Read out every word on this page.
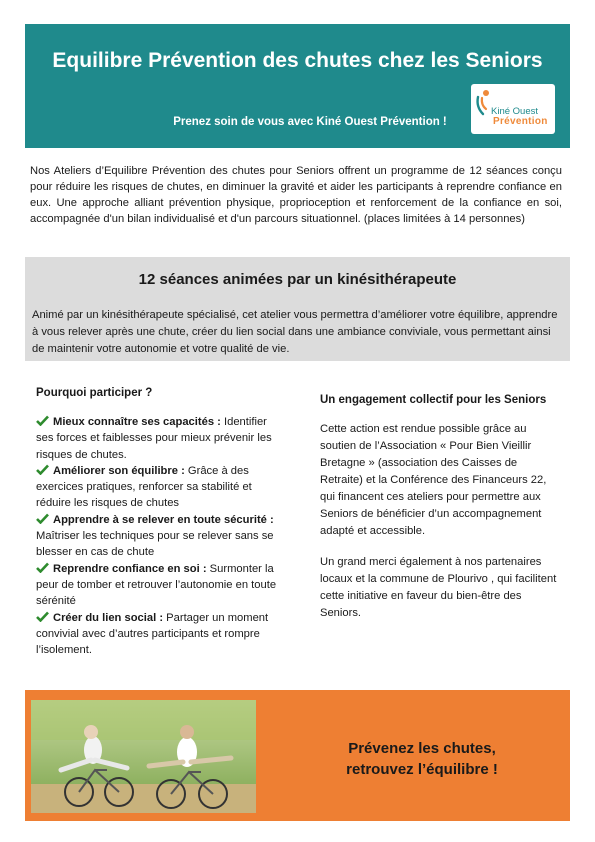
Equilibre Prévention des chutes chez les Seniors
Prenez soin de vous avec Kiné Ouest Prévention !
Kiné Ouest
Prévention
Nos Ateliers d’Equilibre Prévention des chutes pour Seniors offrent un programme de 12 séances conçu pour réduire les risques de chutes, en diminuer la gravité et aider les participants à reprendre confiance en eux. Une approche alliant prévention physique, proprioception et renforcement de la confiance en soi, accompagnée d'un bilan individualisé et d'un parcours situationnel. (places limitées à 14 personnes)
12 séances animées par un kinésithérapeute
Animé par un kinésithérapeute spécialisé, cet atelier vous permettra d’améliorer votre équilibre, apprendre à vous relever après une chute, créer du lien social dans une ambiance conviviale, vous permettant ainsi de maintenir votre autonomie et votre qualité de vie.
Pourquoi participer ?
Mieux connaître ses capacités : Identifier ses forces et faiblesses pour mieux prévenir les risques de chutes.
Améliorer son équilibre : Grâce à des exercices pratiques, renforcer sa stabilité et réduire les risques de chutes
Apprendre à se relever en toute sécurité : Maîtriser les techniques pour se relever sans se blesser en cas de chute
Reprendre confiance en soi : Surmonter la peur de tomber et retrouver l’autonomie en toute sérénité
Créer du lien social : Partager un moment convivial avec d’autres participants et rompre l’isolement.
Un engagement collectif pour les Seniors

Cette action est rendue possible grâce au soutien de l’Association « Pour Bien Vieillir Bretagne » (association des Caisses de Retraite) et la Conférence des Financeurs 22, qui financent ces ateliers pour permettre aux Seniors de bénéficier d’un accompagnement adapté et accessible.

Un grand merci également à nos partenaires locaux et la commune de Plourivo , qui facilitent cette initiative en faveur du bien-être des Seniors.

Prévenez les chutes,
retrouvez l’équilibre !
